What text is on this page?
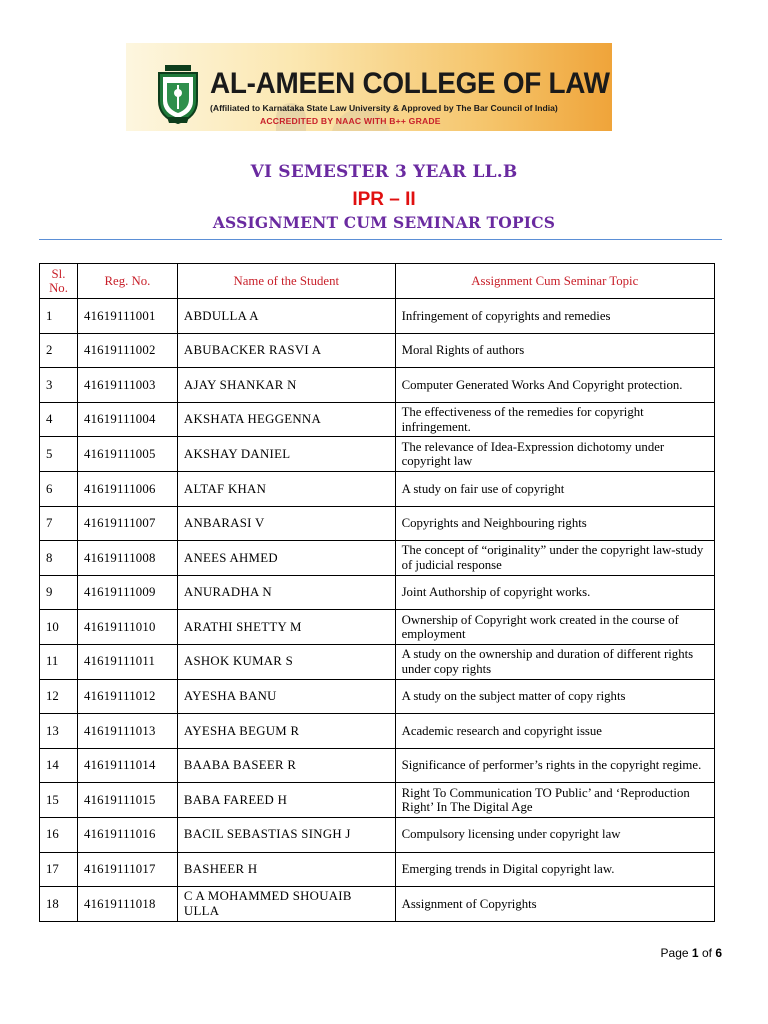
AL-AMEEN COLLEGE OF LAW
(Affiliated to Karnataka State Law University & Approved by The Bar Council of India)
ACCREDITED BY NAAC WITH B++ GRADE
VI SEMESTER 3 YEAR LL.B
IPR – II
ASSIGNMENT CUM SEMINAR TOPICS
Sl. No.	Reg. No.	Name of the Student	Assignment Cum Seminar Topic
1	41619111001	ABDULLA A	Infringement of copyrights and remedies
2	41619111002	ABUBACKER RASVI A	Moral Rights of authors
3	41619111003	AJAY SHANKAR N	Computer Generated Works And Copyright protection.
4	41619111004	AKSHATA HEGGENNA	The effectiveness of the remedies for copyright infringement.
5	41619111005	AKSHAY DANIEL	The relevance of Idea-Expression dichotomy under copyright law
6	41619111006	ALTAF KHAN	A study on fair use of copyright
7	41619111007	ANBARASI V	Copyrights and Neighbouring rights
8	41619111008	ANEES AHMED	The concept of “originality” under the copyright law-study of judicial response
9	41619111009	ANURADHA N	Joint Authorship of copyright works.
10	41619111010	ARATHI SHETTY M	Ownership of Copyright work created in the course of employment
11	41619111011	ASHOK KUMAR S	A study on the ownership and duration of different rights under copy rights
12	41619111012	AYESHA BANU	A study on the subject matter of copy rights
13	41619111013	AYESHA BEGUM R	Academic research and copyright issue
14	41619111014	BAABA BASEER R	Significance of performer’s rights in the copyright regime.
15	41619111015	BABA FAREED H	Right To Communication TO Public’ and ‘Reproduction Right’ In The Digital Age
16	41619111016	BACIL SEBASTIAS SINGH J	Compulsory licensing under copyright law
17	41619111017	BASHEER H	Emerging trends in Digital copyright law.
18	41619111018	C A MOHAMMED SHOUAIB ULLA	Assignment of Copyrights
Page 1 of 6
